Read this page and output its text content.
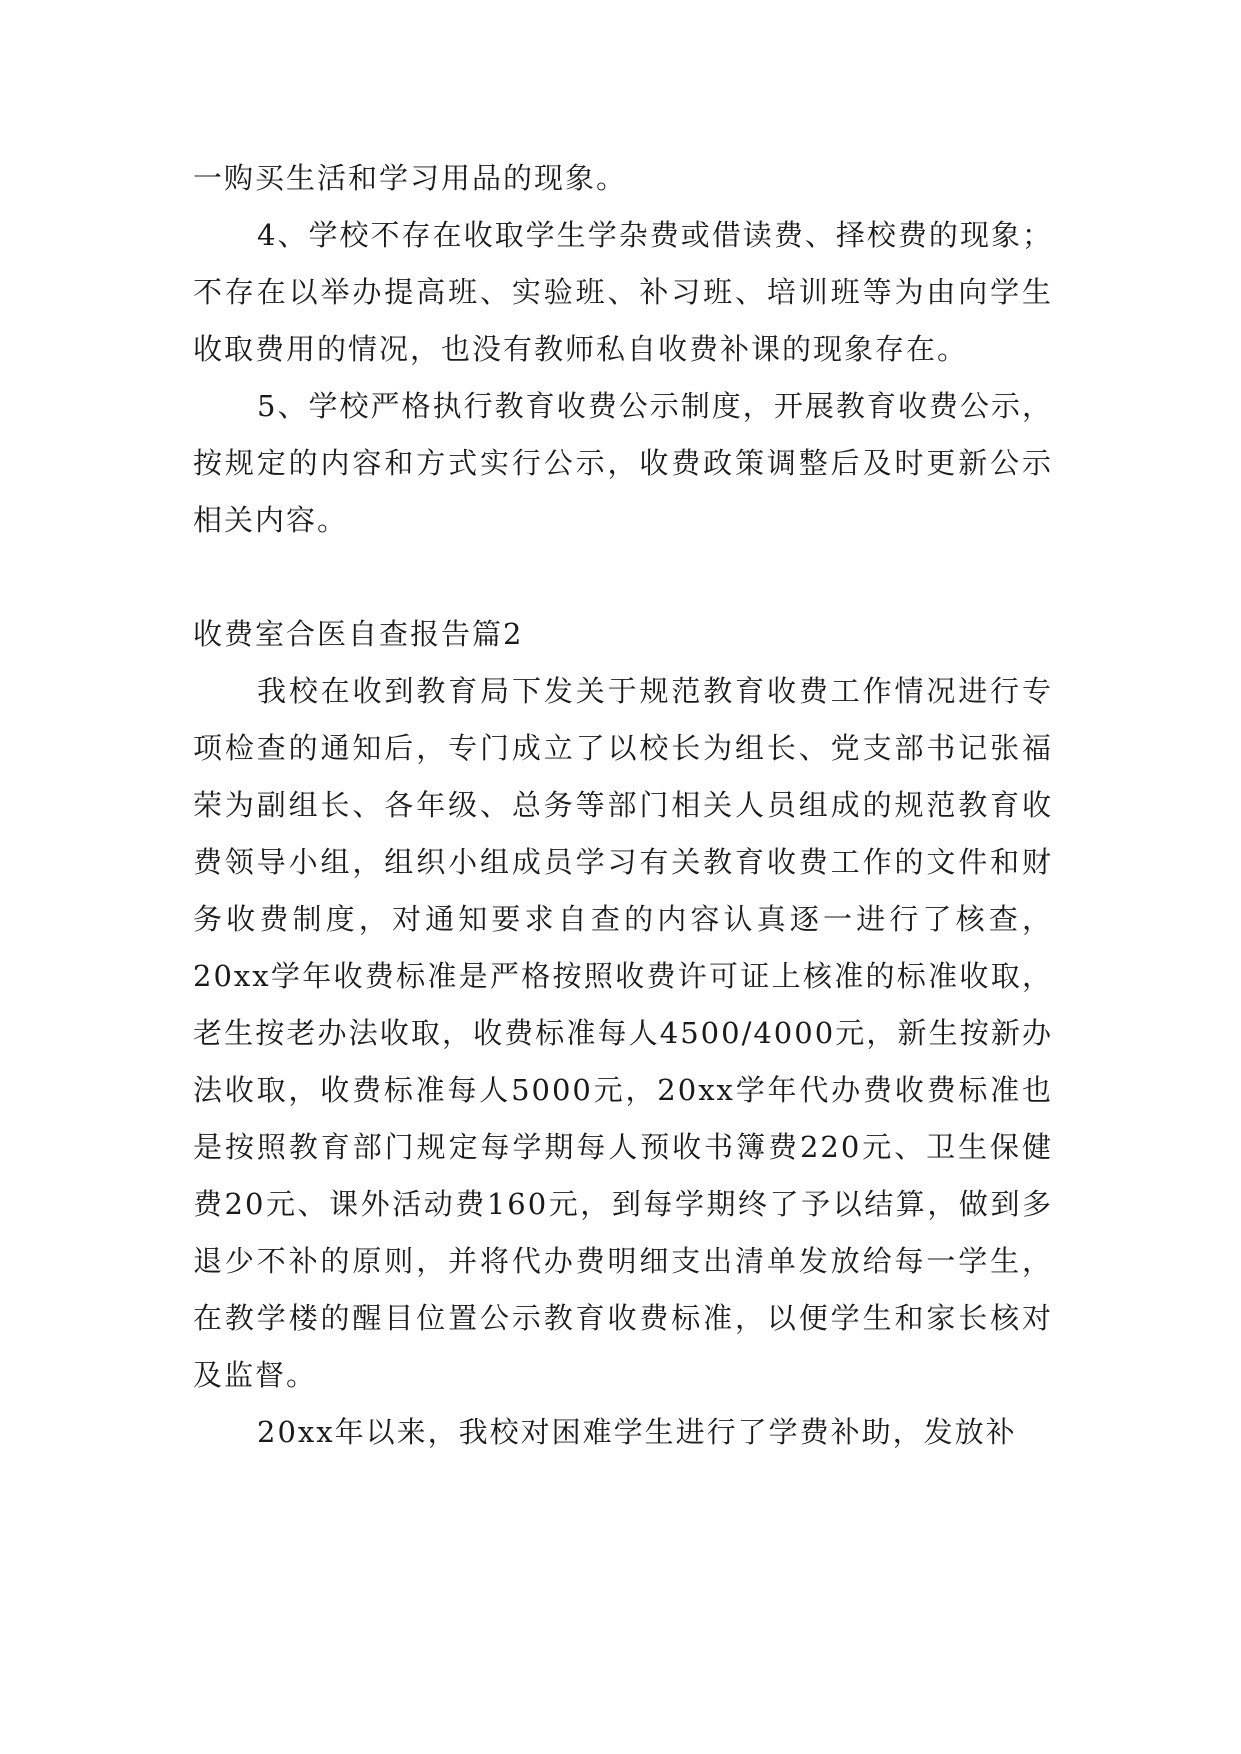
一购买生活和学习用品的现象。

4、学校不存在收取学生学杂费或借读费、择校费的现象；不存在以举办提高班、实验班、补习班、培训班等为由向学生收取费用的情况，也没有教师私自收费补课的现象存在。

5、学校严格执行教育收费公示制度，开展教育收费公示，按规定的内容和方式实行公示，收费政策调整后及时更新公示相关内容。

收费室合医自查报告篇2

我校在收到教育局下发关于规范教育收费工作情况进行专项检查的通知后，专门成立了以校长为组长、党支部书记张福荣为副组长、各年级、总务等部门相关人员组成的规范教育收费领导小组，组织小组成员学习有关教育收费工作的文件和财务收费制度，对通知要求自查的内容认真逐一进行了核查，20xx学年收费标准是严格按照收费许可证上核准的标准收取，老生按老办法收取，收费标准每人4500/4000元，新生按新办法收取，收费标准每人5000元，20xx学年代办费收费标准也是按照教育部门规定每学期每人预收书簿费220元、卫生保健费20元、课外活动费160元，到每学期终了予以结算，做到多退少不补的原则，并将代办费明细支出清单发放给每一学生，在教学楼的醒目位置公示教育收费标准，以便学生和家长核对及监督。

20xx年以来，我校对困难学生进行了学费补助，发放补
